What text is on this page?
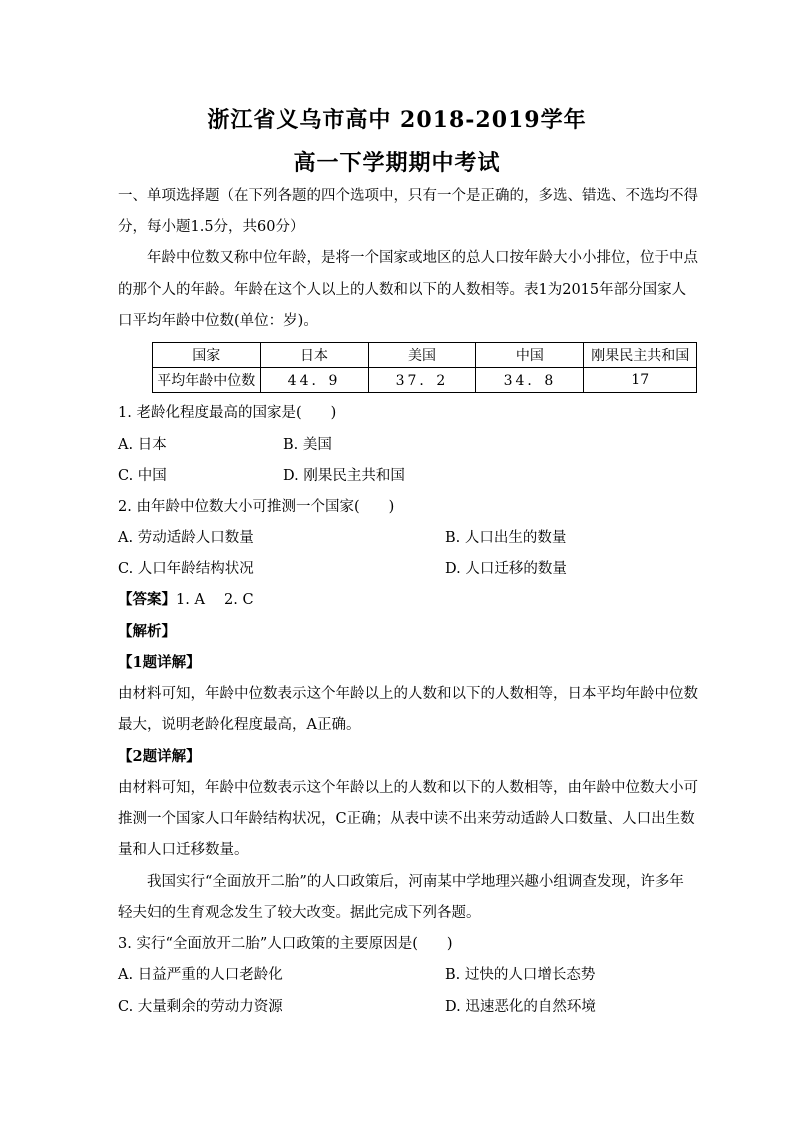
浙江省义乌市高中 2018-2019学年
高一下学期期中考试
一、单项选择题（在下列各题的四个选项中，只有一个是正确的，多选、错选、不选均不得
分，每小题1.5分，共60分）
年龄中位数又称中位年龄，是将一个国家或地区的总人口按年龄大小小排位，位于中点
的那个人的年龄。年龄在这个人以上的人数和以下的人数相等。表1为2015年部分国家人
口平均年龄中位数(单位：岁)。
国家	日本	美国	中国	刚果民主共和国
平均年龄中位数	44．9	37．2	34．8	17
1. 老龄化程度最高的国家是(　　)
A. 日本	B. 美国
C. 中国	D. 刚果民主共和国
2. 由年龄中位数大小可推测一个国家(　　)
A. 劳动适龄人口数量	B. 人口出生的数量
C. 人口年龄结构状况	D. 人口迁移的数量
【答案】1. A　 2. C
【解析】
【1题详解】
由材料可知，年龄中位数表示这个年龄以上的人数和以下的人数相等，日本平均年龄中位数
最大，说明老龄化程度最高，A正确。
【2题详解】
由材料可知，年龄中位数表示这个年龄以上的人数和以下的人数相等，由年龄中位数大小可
推测一个国家人口年龄结构状况，C正确；从表中读不出来劳动适龄人口数量、人口出生数
量和人口迁移数量。
我国实行“全面放开二胎”的人口政策后，河南某中学地理兴趣小组调查发现，许多年
轻夫妇的生育观念发生了较大改变。据此完成下列各题。
3. 实行“全面放开二胎”人口政策的主要原因是(　　)
A. 日益严重的人口老龄化	B. 过快的人口增长态势
C. 大量剩余的劳动力资源	D. 迅速恶化的自然环境
